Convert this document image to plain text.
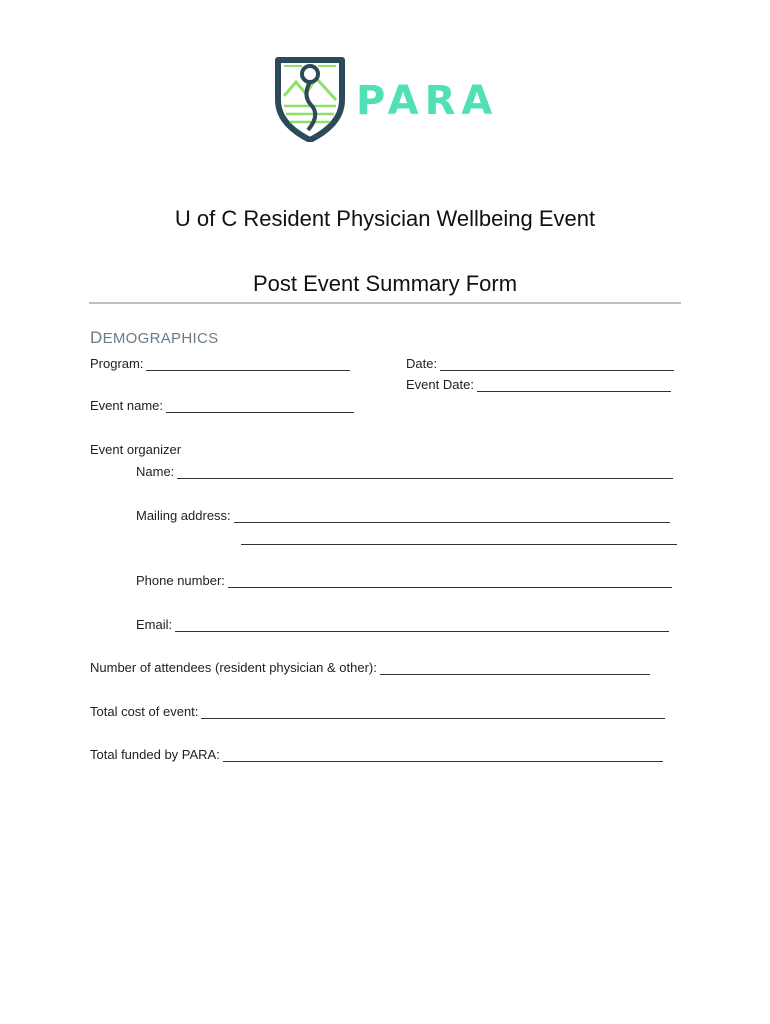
PARA
U of C Resident Physician Wellbeing Event
Post Event Summary Form
DEMOGRAPHICS
Program:	Date:
Event Date:
Event name:
Event organizer
Name:
Mailing address:
Phone number:
Email:
Number of attendees (resident physician & other):
Total cost of event:
Total funded by PARA:
